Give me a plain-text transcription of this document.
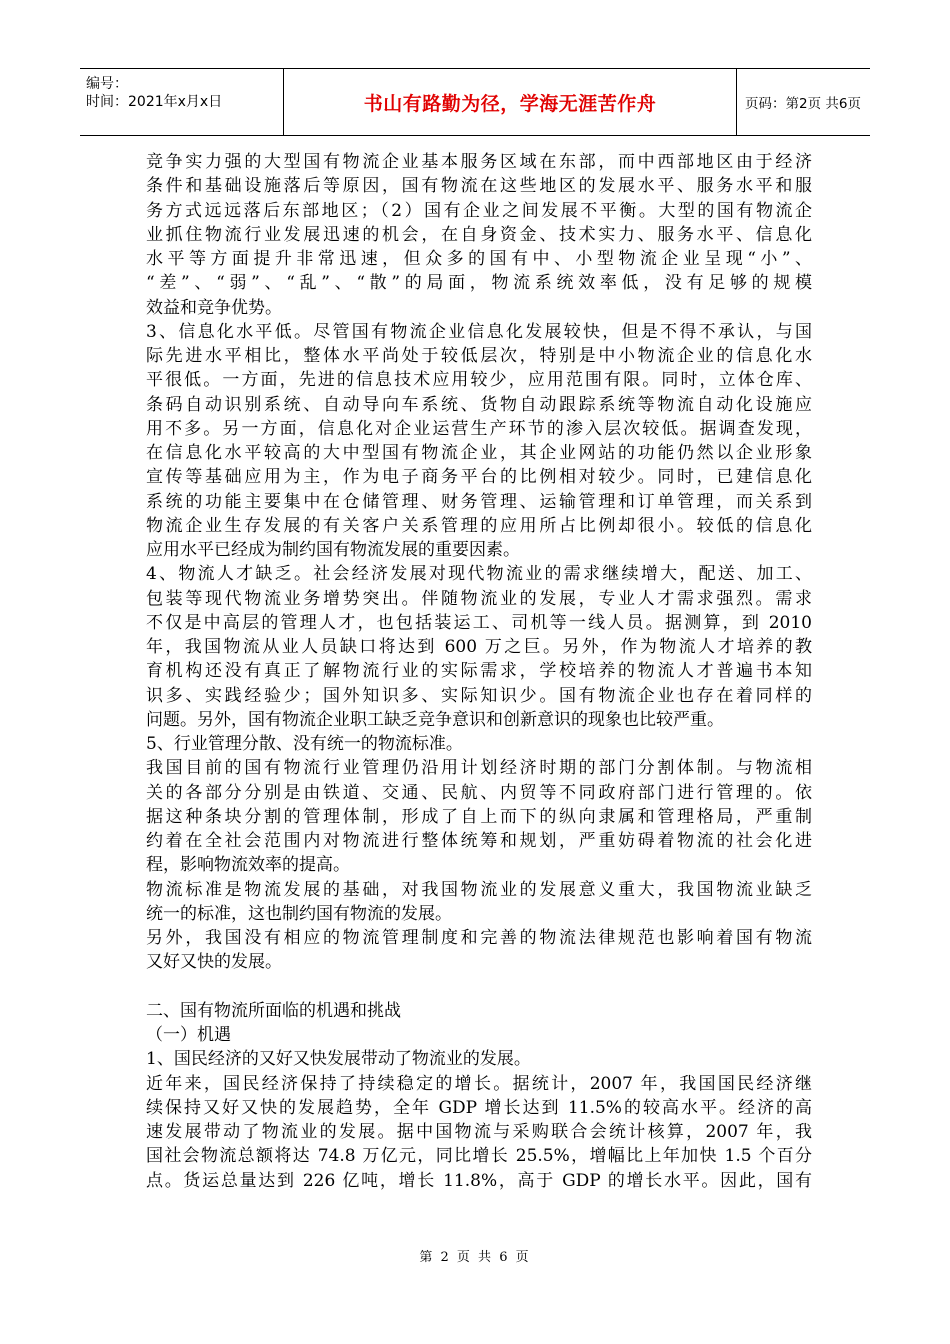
编号：
时间：2021年x月x日	书山有路勤为径，学海无涯苦作舟	页码：第2页 共6页
竞争实力强的大型国有物流企业基本服务区域在东部，而中西部地区由于经济
条件和基础设施落后等原因，国有物流在这些地区的发展水平、服务水平和服
务方式远远落后东部地区；（2）国有企业之间发展不平衡。大型的国有物流企
业抓住物流行业发展迅速的机会，在自身资金、技术实力、服务水平、信息化
水平等方面提升非常迅速，但众多的国有中、小型物流企业呈现“小”、
“差”、“弱”、“乱”、“散”的局面，物流系统效率低，没有足够的规模
效益和竞争优势。
3、信息化水平低。尽管国有物流企业信息化发展较快，但是不得不承认，与国
际先进水平相比，整体水平尚处于较低层次，特别是中小物流企业的信息化水
平很低。一方面，先进的信息技术应用较少，应用范围有限。同时，立体仓库、
条码自动识别系统、自动导向车系统、货物自动跟踪系统等物流自动化设施应
用不多。另一方面，信息化对企业运营生产环节的渗入层次较低。据调查发现，
在信息化水平较高的大中型国有物流企业，其企业网站的功能仍然以企业形象
宣传等基础应用为主，作为电子商务平台的比例相对较少。同时，已建信息化
系统的功能主要集中在仓储管理、财务管理、运输管理和订单管理，而关系到
物流企业生存发展的有关客户关系管理的应用所占比例却很小。较低的信息化
应用水平已经成为制约国有物流发展的重要因素。
4、物流人才缺乏。社会经济发展对现代物流业的需求继续增大，配送、加工、
包装等现代物流业务增势突出。伴随物流业的发展，专业人才需求强烈。需求
不仅是中高层的管理人才，也包括装运工、司机等一线人员。据测算，到 2010
年，我国物流从业人员缺口将达到 600 万之巨。另外，作为物流人才培养的教
育机构还没有真正了解物流行业的实际需求，学校培养的物流人才普遍书本知
识多、实践经验少；国外知识多、实际知识少。国有物流企业也存在着同样的
问题。另外，国有物流企业职工缺乏竞争意识和创新意识的现象也比较严重。
5、行业管理分散、没有统一的物流标准。
我国目前的国有物流行业管理仍沿用计划经济时期的部门分割体制。与物流相
关的各部分分别是由铁道、交通、民航、内贸等不同政府部门进行管理的。依
据这种条块分割的管理体制，形成了自上而下的纵向隶属和管理格局，严重制
约着在全社会范围内对物流进行整体统筹和规划，严重妨碍着物流的社会化进
程，影响物流效率的提高。
物流标准是物流发展的基础，对我国物流业的发展意义重大，我国物流业缺乏
统一的标准，这也制约国有物流的发展。
另外，我国没有相应的物流管理制度和完善的物流法律规范也影响着国有物流
又好又快的发展。
二、国有物流所面临的机遇和挑战
（一）机遇
1、国民经济的又好又快发展带动了物流业的发展。
近年来，国民经济保持了持续稳定的增长。据统计，2007 年，我国国民经济继
续保持又好又快的发展趋势，全年 GDP 增长达到 11.5%的较高水平。经济的高
速发展带动了物流业的发展。据中国物流与采购联合会统计核算，2007 年，我
国社会物流总额将达 74.8 万亿元，同比增长 25.5%，增幅比上年加快 1.5 个百分
点。货运总量达到 226 亿吨，增长 11.8%，高于 GDP 的增长水平。因此，国有
第 2 页 共 6 页
